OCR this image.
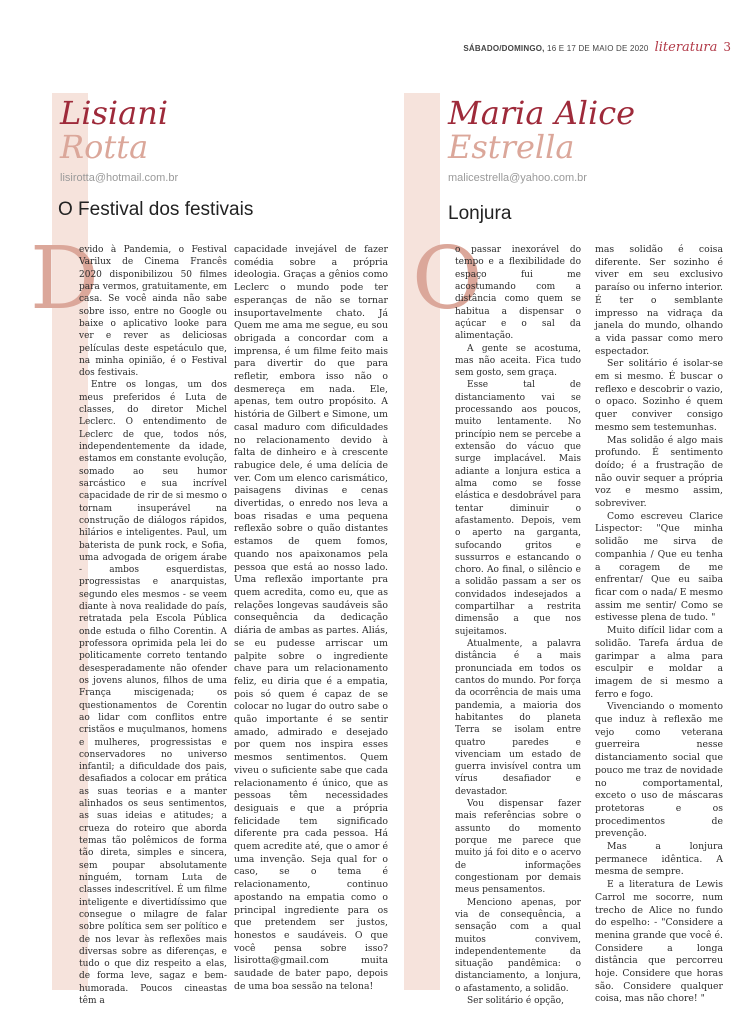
SÁBADO/DOMINGO, 16 E 17 DE MAIO DE 2020 literatura 3
Lisiani
Rotta
lisirotta@hotmail.com.br
O Festival dos festivais
D

evido à Pandemia, o Festival Varilux de Cinema Francês 2020 disponibilizou 50 filmes para vermos, gratuitamente, em casa. Se você ainda não sabe sobre isso, entre no Google ou baixe o aplicativo looke para ver e rever as deliciosas películas deste espetáculo que, na minha opinião, é o Festival dos festivais.

Entre os longas, um dos meus preferidos é Luta de classes, do diretor Michel Leclerc. O entendimento de Leclerc de que, todos nós, independentemente da idade, estamos em constante evolução, somado ao seu humor sarcástico e sua incrível capacidade de rir de si mesmo o tornam insuperável na construção de diálogos rápidos, hilários e inteligentes. Paul, um baterista de punk rock, e Sofia, uma advogada de origem árabe - ambos esquerdistas, progressistas e anarquistas, segundo eles mesmos - se veem diante à nova realidade do país, retratada pela Escola Pública onde estuda o filho Corentin. A professora oprimida pela lei do politicamente correto tentando desesperadamente não ofender os jovens alunos, filhos de uma França miscigenada; os questionamentos de Corentin ao lidar com conflitos entre cristãos e muçulmanos, homens e mulheres, progressistas e conservadores no universo infantil; a dificuldade dos pais, desafiados a colocar em prática as suas teorias e a manter alinhados os seus sentimentos, as suas ideias e atitudes; a crueza do roteiro que aborda temas tão polêmicos de forma tão direta, simples e sincera, sem poupar absolutamente ninguém, tornam Luta de classes indescritível. É um filme inteligente e divertidíssimo que consegue o milagre de falar sobre política sem ser político e de nos levar às reflexões mais diversas sobre as diferenças, e tudo o que diz respeito a elas, de forma leve, sagaz e bem-humorada. Poucos cineastas têm a

capacidade invejável de fazer comédia sobre a própria ideologia. Graças a gênios como Leclerc o mundo pode ter esperanças de não se tornar insuportavelmente chato. Já Quem me ama me segue, eu sou obrigada a concordar com a imprensa, é um filme feito mais para divertir do que para refletir, embora isso não o desmereça em nada. Ele, apenas, tem outro propósito. A história de Gilbert e Simone, um casal maduro com dificuldades no relacionamento devido à falta de dinheiro e à crescente rabugice dele, é uma delícia de ver. Com um elenco carismático, paisagens divinas e cenas divertidas, o enredo nos leva a boas risadas e uma pequena reflexão sobre o quão distantes estamos de quem fomos, quando nos apaixonamos pela pessoa que está ao nosso lado. Uma reflexão importante pra quem acredita, como eu, que as relações longevas saudáveis são consequência da dedicação diária de ambas as partes. Aliás, se eu pudesse arriscar um palpite sobre o ingrediente chave para um relacionamento feliz, eu diria que é a empatia, pois só quem é capaz de se colocar no lugar do outro sabe o quão importante é se sentir amado, admirado e desejado por quem nos inspira esses mesmos sentimentos. Quem viveu o suficiente sabe que cada relacionamento é único, que as pessoas têm necessidades desiguais e que a própria felicidade tem significado diferente pra cada pessoa. Há quem acredite até, que o amor é uma invenção. Seja qual for o caso, se o tema é relacionamento, continuo apostando na empatia como o principal ingrediente para os que pretendem ser justos, honestos e saudáveis. O que você pensa sobre isso? lisirotta@gmail.com muita saudade de bater papo, depois de uma boa sessão na telona!

Maria Alice
Estrella
malicestrella@yahoo.com.br
Lonjura
O

o passar inexorável do tempo e a flexibilidade do espaço fui me acostumando com a distância como quem se habitua a dispensar o açúcar e o sal da alimentação.

A gente se acostuma, mas não aceita. Fica tudo sem gosto, sem graça.

Esse tal de distanciamento vai se processando aos poucos, muito lentamente. No princípio nem se percebe a extensão do vácuo que surge implacável. Mais adiante a lonjura estica a alma como se fosse elástica e desdobrável para tentar diminuir o afastamento. Depois, vem o aperto na garganta, sufocando gritos e sussurros e estancando o choro. Ao final, o silêncio e a solidão passam a ser os convidados indesejados a compartilhar a restrita dimensão a que nos sujeitamos.

Atualmente, a palavra distância é a mais pronunciada em todos os cantos do mundo. Por força da ocorrência de mais uma pandemia, a maioria dos habitantes do planeta Terra se isolam entre quatro paredes e vivenciam um estado de guerra invisível contra um vírus desafiador e devastador.

Vou dispensar fazer mais referências sobre o assunto do momento porque me parece que muito já foi dito e o acervo de informações congestionam por demais meus pensamentos.

Menciono apenas, por via de consequência, a sensação com a qual muitos convivem, independentemente da situação pandêmica: o distanciamento, a lonjura, o afastamento, a solidão.

Ser solitário é opção,

mas solidão é coisa diferente. Ser sozinho é viver em seu exclusivo paraíso ou inferno interior. É ter o semblante impresso na vidraça da janela do mundo, olhando a vida passar como mero espectador.

Ser solitário é isolar-se em si mesmo. É buscar o reflexo e descobrir o vazio, o opaco. Sozinho é quem quer conviver consigo mesmo sem testemunhas.

Mas solidão é algo mais profundo. É sentimento doído; é a frustração de não ouvir sequer a própria voz e mesmo assim, sobreviver.

Como escreveu Clarice Lispector: "Que minha solidão me sirva de companhia / Que eu tenha a coragem de me enfrentar/ Que eu saiba ficar com o nada/ E mesmo assim me sentir/ Como se estivesse plena de tudo. "

Muito difícil lidar com a solidão. Tarefa árdua de garimpar a alma para esculpir e moldar a imagem de si mesmo a ferro e fogo.

Vivenciando o momento que induz à reflexão me vejo como veterana guerreira nesse distanciamento social que pouco me traz de novidade no comportamental, exceto o uso de máscaras protetoras e os procedimentos de prevenção.

Mas a lonjura permanece idêntica. A mesma de sempre.

E a literatura de Lewis Carrol me socorre, num trecho de Alice no fundo do espelho: - "Considere a menina grande que você é. Considere a longa distância que percorreu hoje. Considere que horas são. Considere qualquer coisa, mas não chore! "
